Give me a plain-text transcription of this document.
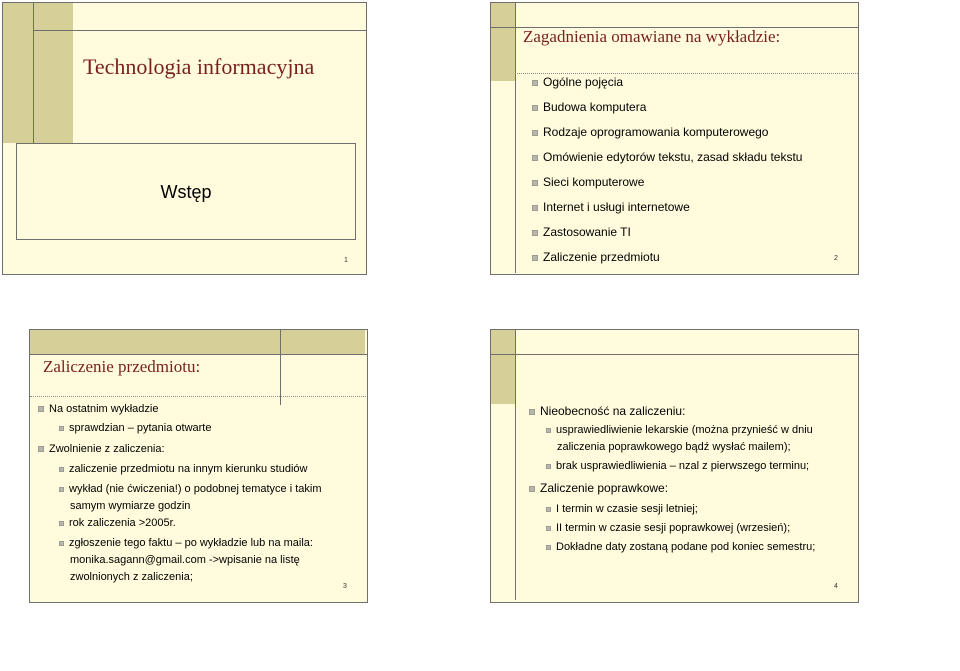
Technologia informacyjna
Wstęp
1
Zagadnienia omawiane na wykładzie:
Ogólne pojęcia
Budowa komputera
Rodzaje oprogramowania komputerowego
Omówienie edytorów tekstu, zasad składu tekstu
Sieci komputerowe
Internet i usługi internetowe
Zastosowanie TI
Zaliczenie przedmiotu	2
Zaliczenie przedmiotu:
Na ostatnim wykładzie
sprawdzian – pytania otwarte
Zwolnienie z zaliczenia:
zaliczenie przedmiotu na innym kierunku studiów
wykład (nie ćwiczenia!) o podobnej tematyce i takim
samym wymiarze godzin
rok zaliczenia >2005r.
zgłoszenie tego faktu – po wykładzie lub na maila:
monika.sagann@gmail.com ->wpisanie na listę
zwolnionych z zaliczenia;
3
Nieobecność na zaliczeniu:
usprawiedliwienie lekarskie (można przynieść w dniu
zaliczenia poprawkowego bądź wysłać mailem);
brak usprawiedliwienia – nzal z pierwszego terminu;
Zaliczenie poprawkowe:
I termin w czasie sesji letniej;
II termin w czasie sesji poprawkowej (wrzesień);
Dokładne daty zostaną podane pod koniec semestru;
4
